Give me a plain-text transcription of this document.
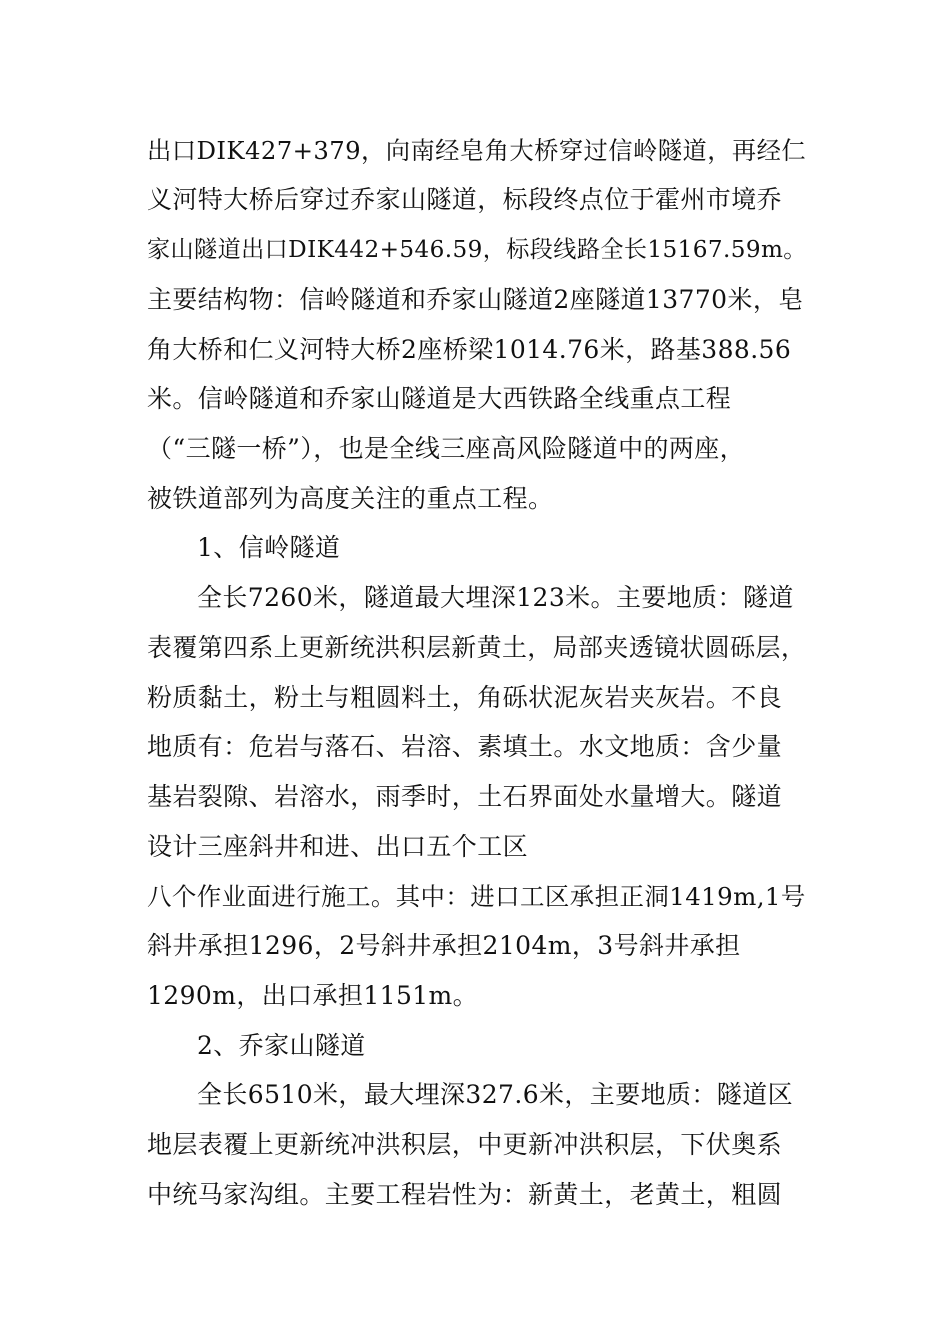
出口DIK427+379，向南经皂角大桥穿过信岭隧道，再经仁
义河特大桥后穿过乔家山隧道，标段终点位于霍州市境乔
家山隧道出口DIK442+546.59，标段线路全长15167.59m。
主要结构物：信岭隧道和乔家山隧道2座隧道13770米，皂
角大桥和仁义河特大桥2座桥梁1014.76米，路基388.56
米。信岭隧道和乔家山隧道是大西铁路全线重点工程
（“三隧一桥”），也是全线三座高风险隧道中的两座，
被铁道部列为高度关注的重点工程。
1、信岭隧道
全长7260米，隧道最大埋深123米。主要地质：隧道
表覆第四系上更新统洪积层新黄土，局部夹透镜状圆砾层，
粉质黏土，粉土与粗圆料土，角砾状泥灰岩夹灰岩。不良
地质有：危岩与落石、岩溶、素填土。水文地质：含少量
基岩裂隙、岩溶水，雨季时，土石界面处水量增大。隧道
设计三座斜井和进、出口五个工区
八个作业面进行施工。其中：进口工区承担正洞1419m,1号
斜井承担1296，2号斜井承担2104m，3号斜井承担
1290m，出口承担1151m。
2、乔家山隧道
全长6510米，最大埋深327.6米，主要地质：隧道区
地层表覆上更新统冲洪积层，中更新冲洪积层，下伏奥系
中统马家沟组。主要工程岩性为：新黄土，老黄土，粗圆
